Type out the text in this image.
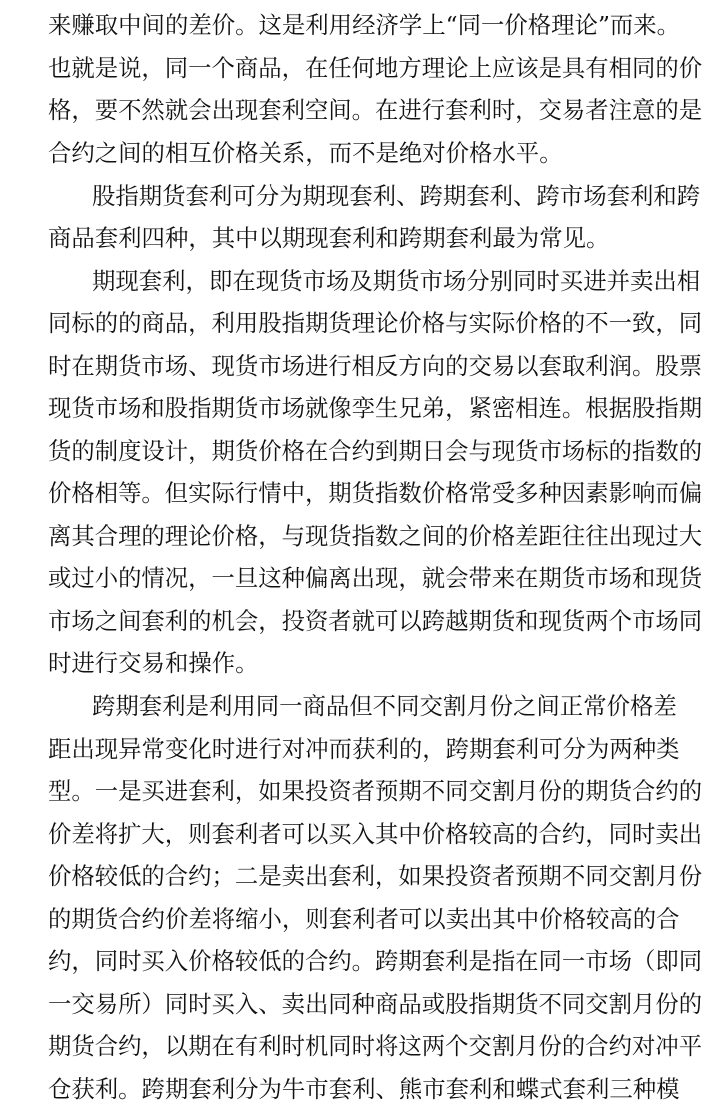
来赚取中间的差价。这是利用经济学上“同一价格理论”而来。
也就是说，同一个商品，在任何地方理论上应该是具有相同的价
格，要不然就会出现套利空间。在进行套利时，交易者注意的是
合约之间的相互价格关系，而不是绝对价格水平。
股指期货套利可分为期现套利、跨期套利、跨市场套利和跨
商品套利四种，其中以期现套利和跨期套利最为常见。
期现套利，即在现货市场及期货市场分别同时买进并卖出相
同标的的商品，利用股指期货理论价格与实际价格的不一致，同
时在期货市场、现货市场进行相反方向的交易以套取利润。股票
现货市场和股指期货市场就像孪生兄弟，紧密相连。根据股指期
货的制度设计，期货价格在合约到期日会与现货市场标的指数的
价格相等。但实际行情中，期货指数价格常受多种因素影响而偏
离其合理的理论价格，与现货指数之间的价格差距往往出现过大
或过小的情况，一旦这种偏离出现，就会带来在期货市场和现货
市场之间套利的机会，投资者就可以跨越期货和现货两个市场同
时进行交易和操作。
跨期套利是利用同一商品但不同交割月份之间正常价格差
距出现异常变化时进行对冲而获利的，跨期套利可分为两种类
型。一是买进套利，如果投资者预期不同交割月份的期货合约的
价差将扩大，则套利者可以买入其中价格较高的合约，同时卖出
价格较低的合约；二是卖出套利，如果投资者预期不同交割月份
的期货合约价差将缩小，则套利者可以卖出其中价格较高的合
约，同时买入价格较低的合约。跨期套利是指在同一市场（即同
一交易所）同时买入、卖出同种商品或股指期货不同交割月份的
期货合约，以期在有利时机同时将这两个交割月份的合约对冲平
仓获利。跨期套利分为牛市套利、熊市套利和蝶式套利三种模
